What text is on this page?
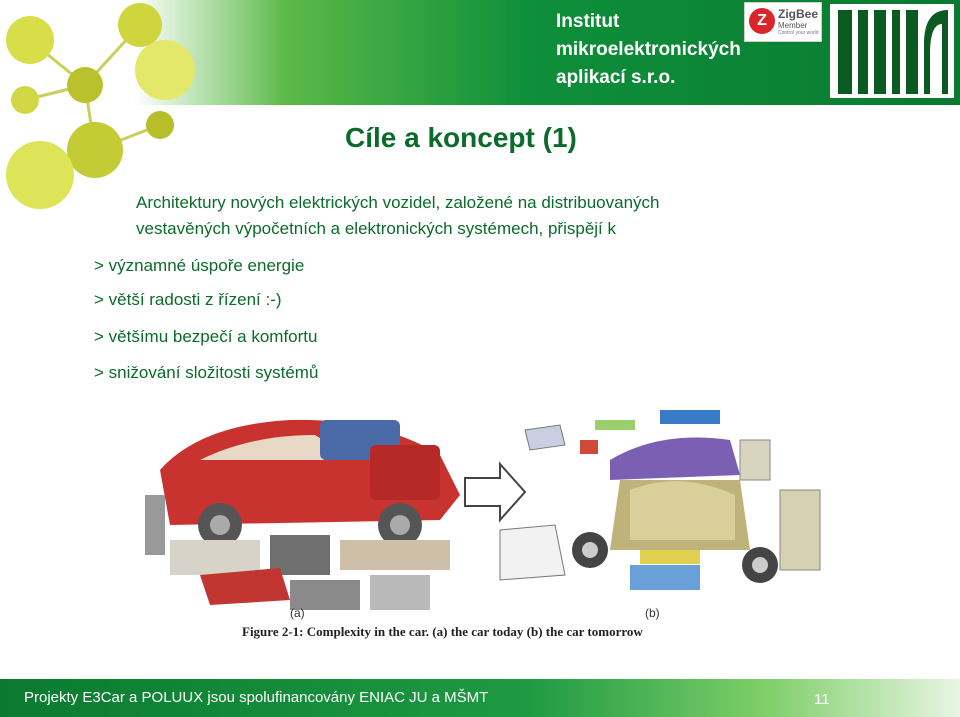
Institut
mikroelektronických
aplikací s.r.o.
Z ZigBee
Member
Control your world
Cíle a koncept (1)
Architektury nových elektrických vozidel, založené na distribuovaných
vestavěných výpočetních a elektronických systémech, přispějí k
> významné úspoře energie
> větší radosti z řízení :-)
> většímu bezpečí a komfortu
> snižování složitosti systémů
(a)	(b)
Figure 2-1: Complexity in the car. (a) the car today (b) the car tomorrow
Projekty E3Car a POLUUX jsou spolufinancovány ENIAC JU a MŠMT	11
